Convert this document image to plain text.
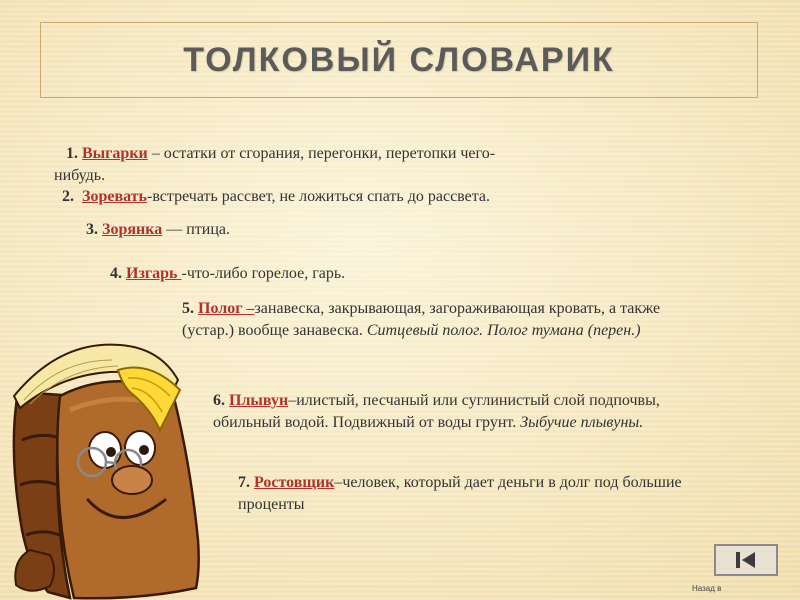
ТОЛКОВЫЙ СЛОВАРИК
1. Выгарки – остатки от сгорания, перегонки, перетопки чего-
нибудь.
2. Зоревать-встречать рассвет, не ложиться спать до рассвета.
3. Зорянка — птица.
4. Изгарь -что-либо горелое, гарь.
5. Полог –занавеска, закрывающая, загораживающая кровать, а также (устар.) вообще занавеска. Ситцевый полог. Полог тумана (перен.)
6. Плывун–илистый, песчаный или суглинистый слой подпочвы, обильный водой. Подвижный от воды грунт. Зыбучие плывуны.
7. Ростовщик–человек, который дает деньги в долг под большие проценты
Назад в
